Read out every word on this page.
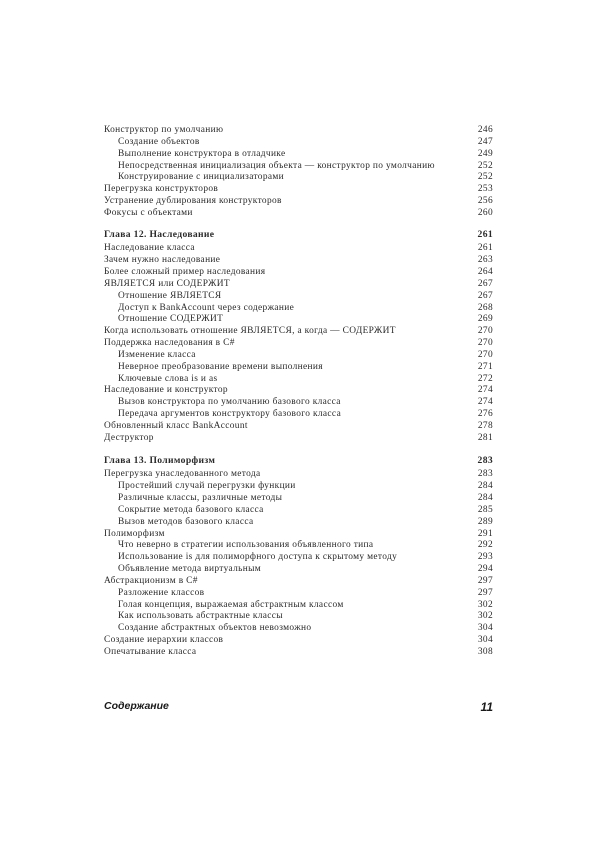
Конструктор по умолчанию	246
Создание объектов	247
Выполнение конструктора в отладчике	249
Непосредственная инициализация объекта — конструктор по умолчанию	252
Конструирование с инициализаторами	252
Перегрузка конструкторов	253
Устранение дублирования конструкторов	256
Фокусы с объектами	260
Глава 12. Наследование	261
Наследование класса	261
Зачем нужно наследование	263
Более сложный пример наследования	264
ЯВЛЯЕТСЯ или СОДЕРЖИТ	267
Отношение ЯВЛЯЕТСЯ	267
Доступ к BankAccount через содержание	268
Отношение СОДЕРЖИТ	269
Когда использовать отношение ЯВЛЯЕТСЯ, а когда — СОДЕРЖИТ	270
Поддержка наследования в C#	270
Изменение класса	270
Неверное преобразование времени выполнения	271
Ключевые слова is и as	272
Наследование и конструктор	274
Вызов конструктора по умолчанию базового класса	274
Передача аргументов конструктору базового класса	276
Обновленный класс BankAccount	278
Деструктор	281
Глава 13. Полиморфизм	283
Перегрузка унаследованного метода	283
Простейший случай перегрузки функции	284
Различные классы, различные методы	284
Сокрытие метода базового класса	285
Вызов методов базового класса	289
Полиморфизм	291
Что неверно в стратегии использования объявленного типа	292
Использование is для полиморфного доступа к скрытому методу	293
Объявление метода виртуальным	294
Абстракционизм в C#	297
Разложение классов	297
Голая концепция, выражаемая абстрактным классом	302
Как использовать абстрактные классы	302
Создание абстрактных объектов невозможно	304
Создание иерархии классов	304
Опечатывание класса	308
Содержание	11
